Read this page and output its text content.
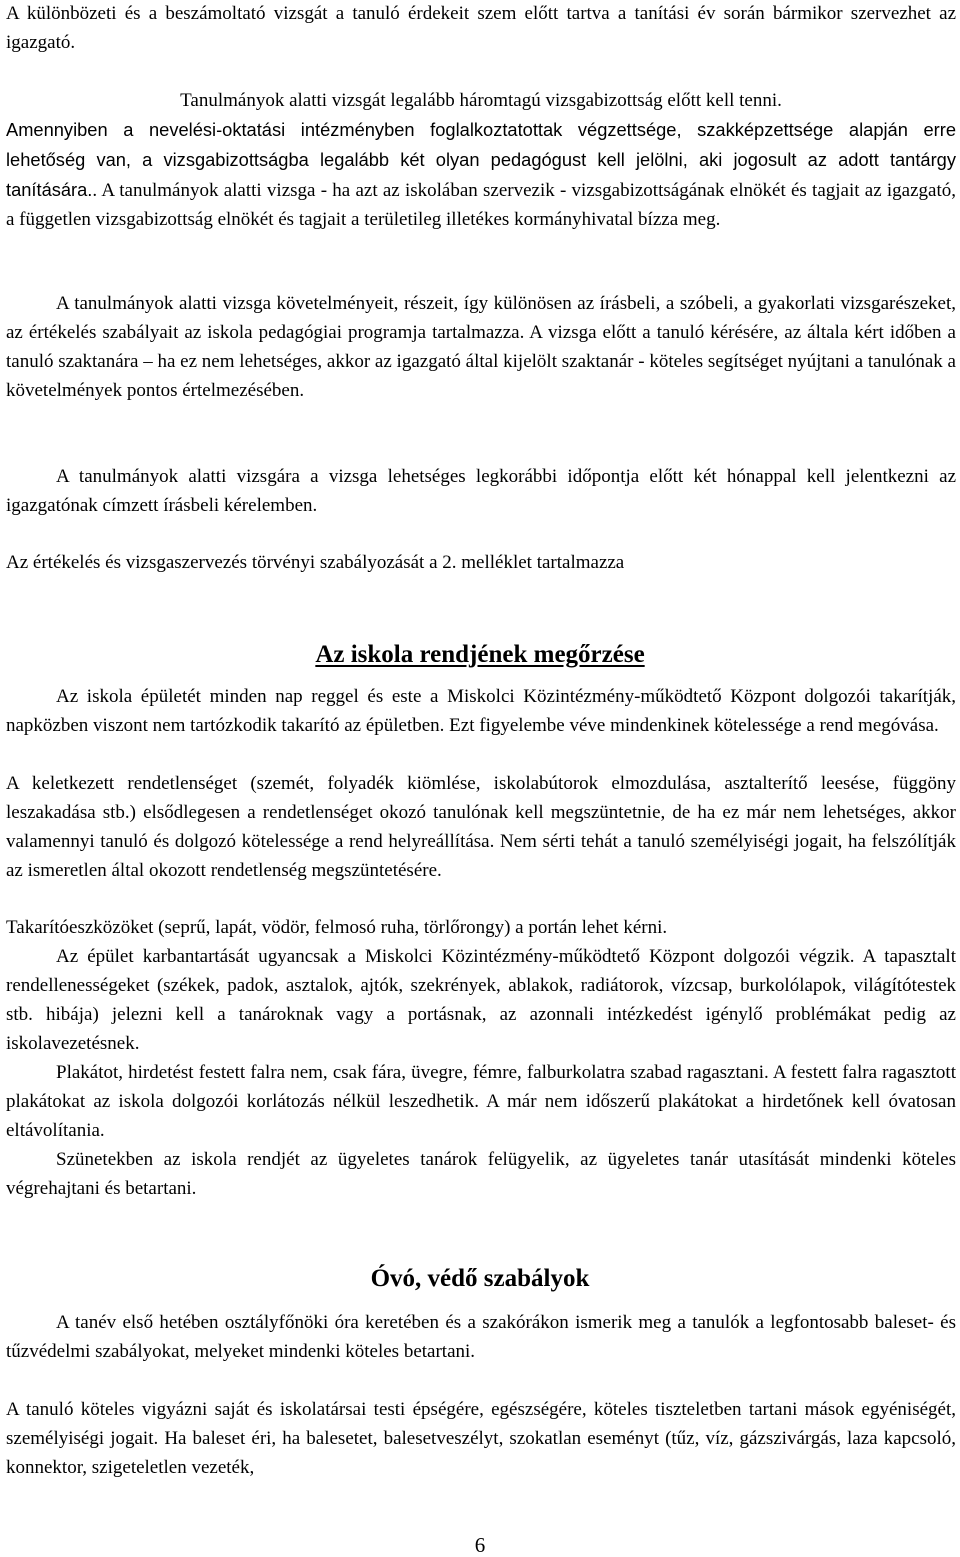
A különbözeti és a beszámoltató vizsgát a tanuló érdekeit szem előtt tartva a tanítási év során bármikor szervezhet az igazgató.

Tanulmányok alatti vizsgát legalább háromtagú vizsgabizottság előtt kell tenni.
Amennyiben a nevelési-oktatási intézményben foglalkoztatottak végzettsége, szakképzettsége alapján erre lehetőség van, a vizsgabizottságba legalább két olyan pedagógust kell jelölni, aki jogosult az adott tantárgy tanítására.. A tanulmányok alatti vizsga - ha azt az iskolában szervezik - vizsgabizottságának elnökét és tagjait az igazgató, a független vizsgabizottság elnökét és tagjait a területileg illetékes kormányhivatal bízza meg.

A tanulmányok alatti vizsga követelményeit, részeit, így különösen az írásbeli, a szóbeli, a gyakorlati vizsgarészeket, az értékelés szabályait az iskola pedagógiai programja tartalmazza. A vizsga előtt a tanuló kérésére, az általa kért időben a tanuló szaktanára – ha ez nem lehetséges, akkor az igazgató által kijelölt szaktanár - köteles segítséget nyújtani a tanulónak a követelmények pontos értelmezésében.

A tanulmányok alatti vizsgára a vizsga lehetséges legkorábbi időpontja előtt két hónappal kell jelentkezni az igazgatónak címzett írásbeli kérelemben.

Az értékelés és vizsgaszervezés törvényi szabályozását a 2. melléklet tartalmazza

Az iskola rendjének megőrzése

Az iskola épületét minden nap reggel és este a Miskolci Közintézmény-működtető Központ dolgozói takarítják, napközben viszont nem tartózkodik takarító az épületben. Ezt figyelembe véve mindenkinek kötelessége a rend megóvása.

A keletkezett rendetlenséget (szemét, folyadék kiömlése, iskolabútorok elmozdulása, asztalterítő leesése, függöny leszakadása stb.) elsődlegesen a rendetlenséget okozó tanulónak kell megszüntetnie, de ha ez már nem lehetséges, akkor valamennyi tanuló és dolgozó kötelessége a rend helyreállítása. Nem sérti tehát a tanuló személyiségi jogait, ha felszólítják az ismeretlen által okozott rendetlenség megszüntetésére.

Takarítóeszközöket (seprű, lapát, vödör, felmosó ruha, törlőrongy) a portán lehet kérni.

Az épület karbantartását ugyancsak a Miskolci Közintézmény-működtető Központ dolgozói végzik. A tapasztalt rendellenességeket (székek, padok, asztalok, ajtók, szekrények, ablakok, radiátorok, vízcsap, burkolólapok, világítótestek stb. hibája) jelezni kell a tanároknak vagy a portásnak, az azonnali intézkedést igénylő problémákat pedig az iskolavezetésnek.

Plakátot, hirdetést festett falra nem, csak fára, üvegre, fémre, falburkolatra szabad ragasztani. A festett falra ragasztott plakátokat az iskola dolgozói korlátozás nélkül leszedhetik. A már nem időszerű plakátokat a hirdetőnek kell óvatosan eltávolítania.

Szünetekben az iskola rendjét az ügyeletes tanárok felügyelik, az ügyeletes tanár utasítását mindenki köteles végrehajtani és betartani.

Óvó, védő szabályok

A tanév első hetében osztályfőnöki óra keretében és a szakórákon ismerik meg a tanulók a legfontosabb baleset- és tűzvédelmi szabályokat, melyeket mindenki köteles betartani.

A tanuló köteles vigyázni saját és iskolatársai testi épségére, egészségére, köteles tiszteletben tartani mások egyéniségét, személyiségi jogait. Ha baleset éri, ha balesetet, balesetveszélyt, szokatlan eseményt (tűz, víz, gázszivárgás, laza kapcsoló, konnektor, szigeteletlen vezeték,

6
